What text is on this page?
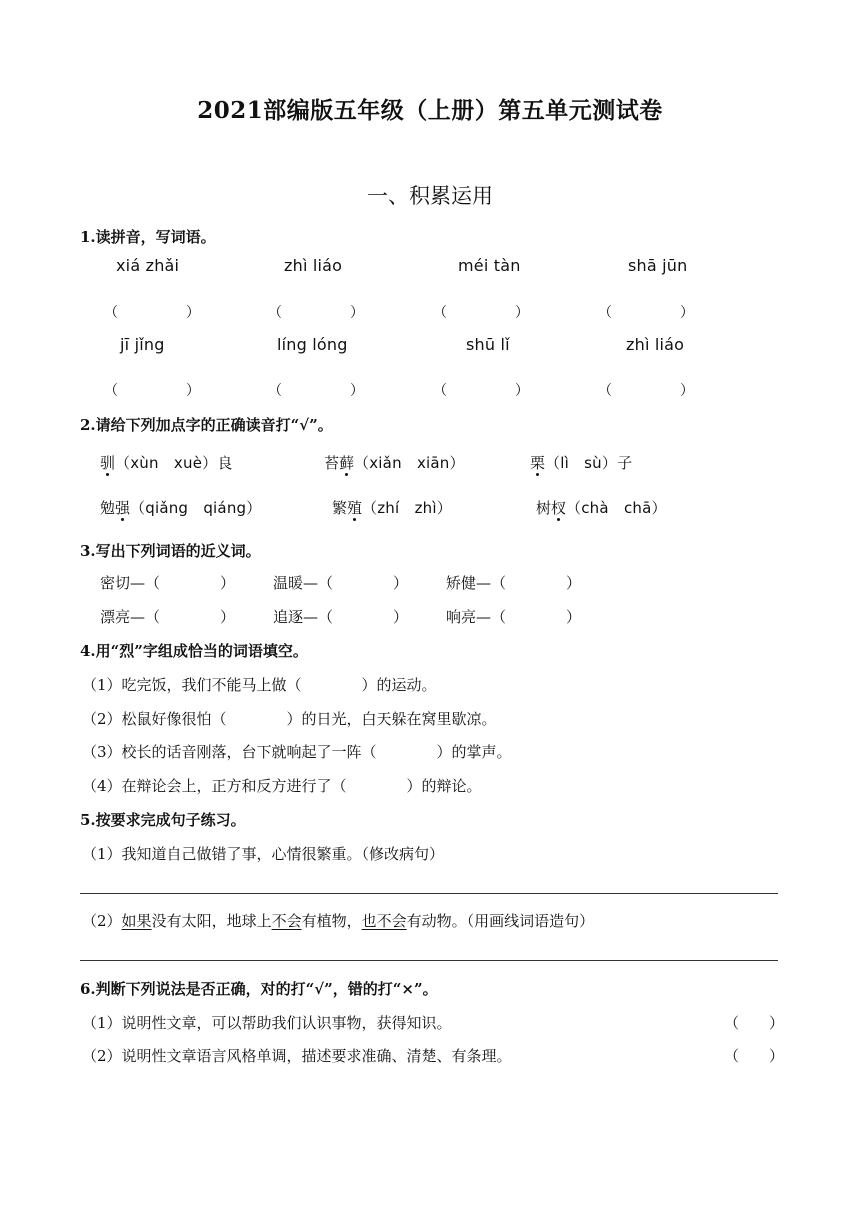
2021部编版五年级（上册）第五单元测试卷
一、积累运用
1.读拼音，写词语。
xiá zhǎi	zhì liáo	méi tàn	shā jūn
（	）	（	）	（	）	（	）
jī jǐng	líng lóng	shū lǐ	zhì liáo
（	）	（	）	（	）	（	）
2.请给下列加点字的正确读音打“√”。
驯（xùn　xuè）良	苔藓（xiǎn　xiān）	栗（lì　sù）子
勉强（qiǎng　qiáng）	繁殖（zhí　zhì）	树杈（chà　chā）
3.写出下列词语的近义词。
密切—（　　　　）	温暖—（　　　　）	矫健—（　　　　）
漂亮—（　　　　）	追逐—（　　　　）	响亮—（　　　　）
4.用“烈”字组成恰当的词语填空。
（1）吃完饭，我们不能马上做（　　　　）的运动。
（2）松鼠好像很怕（　　　　）的日光，白天躲在窝里歇凉。
（3）校长的话音刚落，台下就响起了一阵（　　　　）的掌声。
（4）在辩论会上，正方和反方进行了（　　　　）的辩论。
5.按要求完成句子练习。
（1）我知道自己做错了事，心情很繁重。（修改病句）
（2）如果没有太阳，地球上不会有植物，也不会有动物。（用画线词语造句）
6.判断下列说法是否正确，对的打“√”，错的打“×”。
（1）说明性文章，可以帮助我们认识事物，获得知识。	（　　）
（2）说明性文章语言风格单调，描述要求准确、清楚、有条理。	（　　）
